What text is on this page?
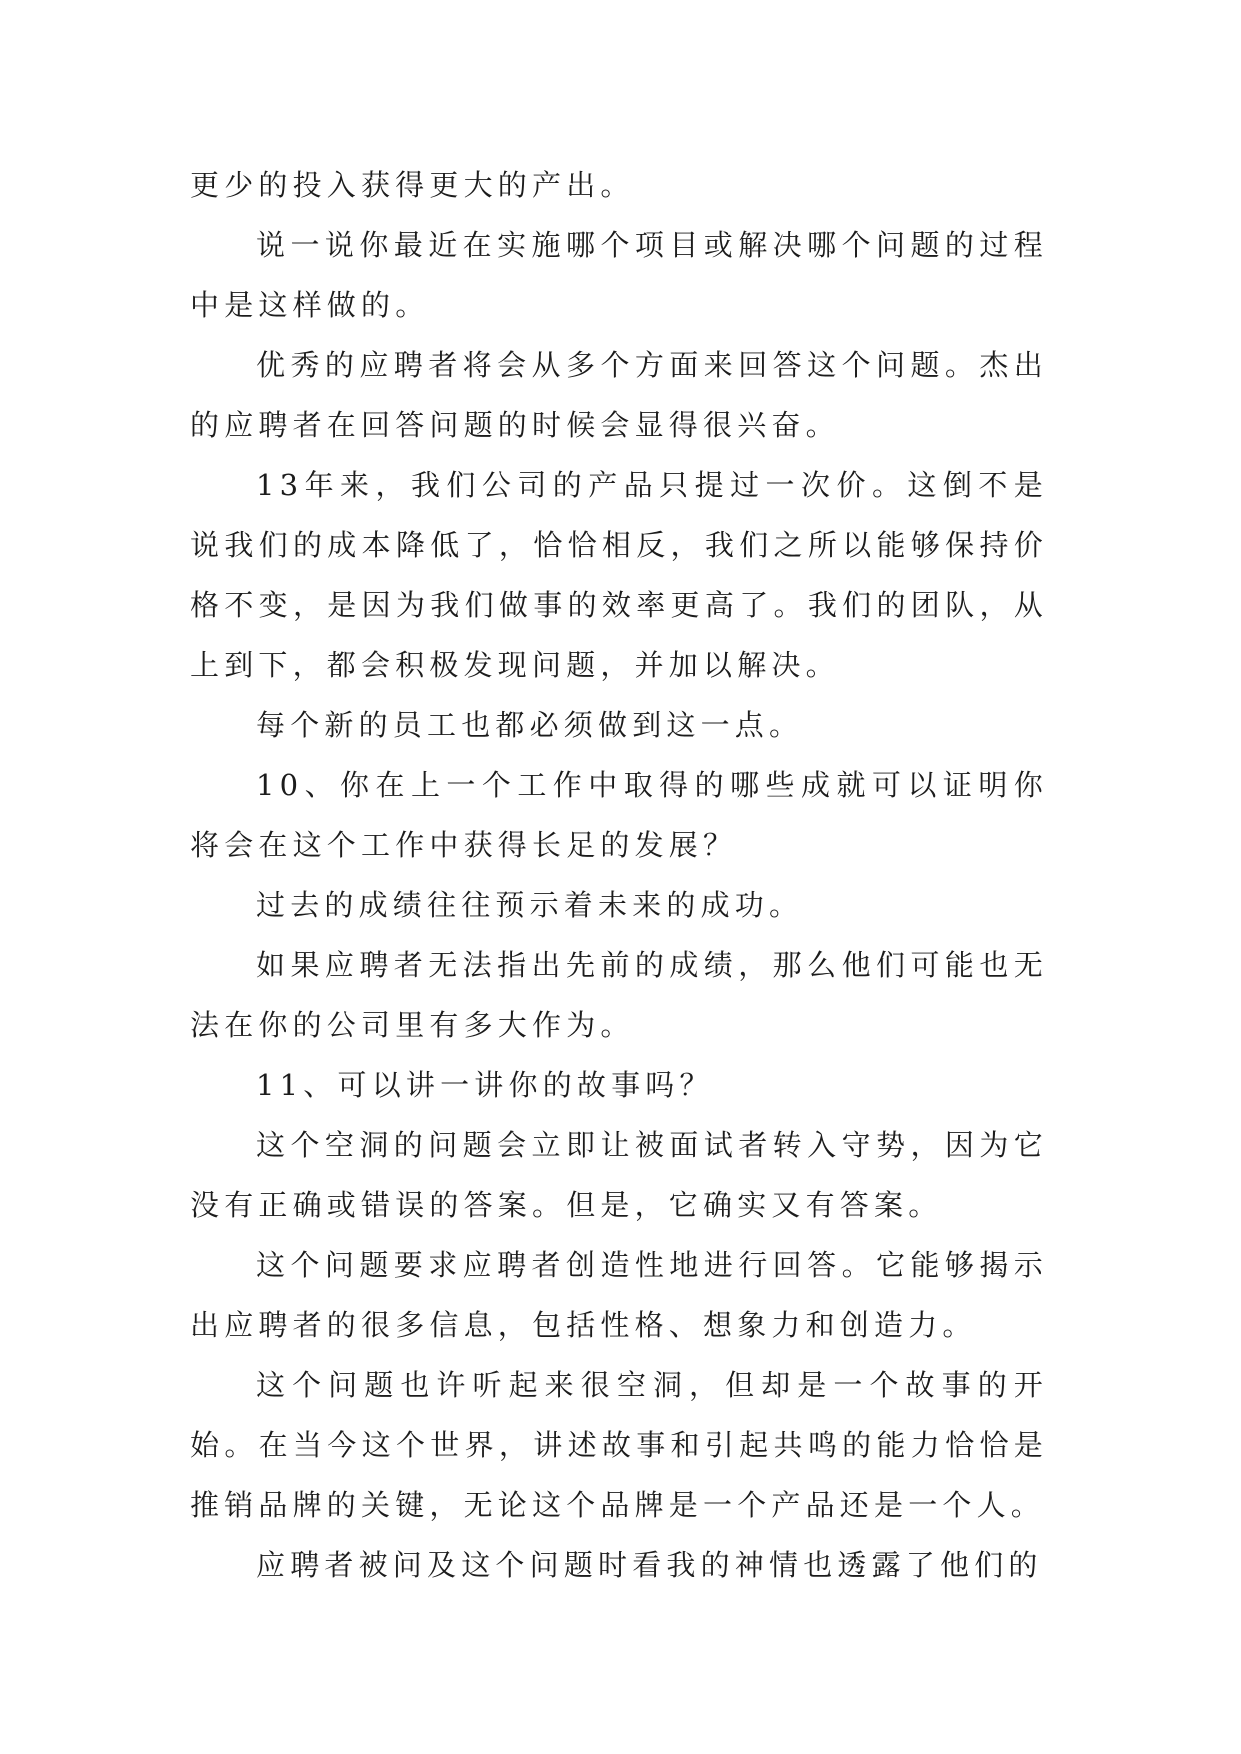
更少的投入获得更大的产出。

说一说你最近在实施哪个项目或解决哪个问题的过程中是这样做的。

优秀的应聘者将会从多个方面来回答这个问题。杰出的应聘者在回答问题的时候会显得很兴奋。

13年来，我们公司的产品只提过一次价。这倒不是说我们的成本降低了，恰恰相反，我们之所以能够保持价格不变，是因为我们做事的效率更高了。我们的团队，从上到下，都会积极发现问题，并加以解决。

每个新的员工也都必须做到这一点。

10、你在上一个工作中取得的哪些成就可以证明你将会在这个工作中获得长足的发展？

过去的成绩往往预示着未来的成功。

如果应聘者无法指出先前的成绩，那么他们可能也无法在你的公司里有多大作为。

11、可以讲一讲你的故事吗？

这个空洞的问题会立即让被面试者转入守势，因为它没有正确或错误的答案。但是，它确实又有答案。

这个问题要求应聘者创造性地进行回答。它能够揭示出应聘者的很多信息，包括性格、想象力和创造力。

这个问题也许听起来很空洞，但却是一个故事的开始。在当今这个世界，讲述故事和引起共鸣的能力恰恰是推销品牌的关键，无论这个品牌是一个产品还是一个人。

应聘者被问及这个问题时看我的神情也透露了他们的
